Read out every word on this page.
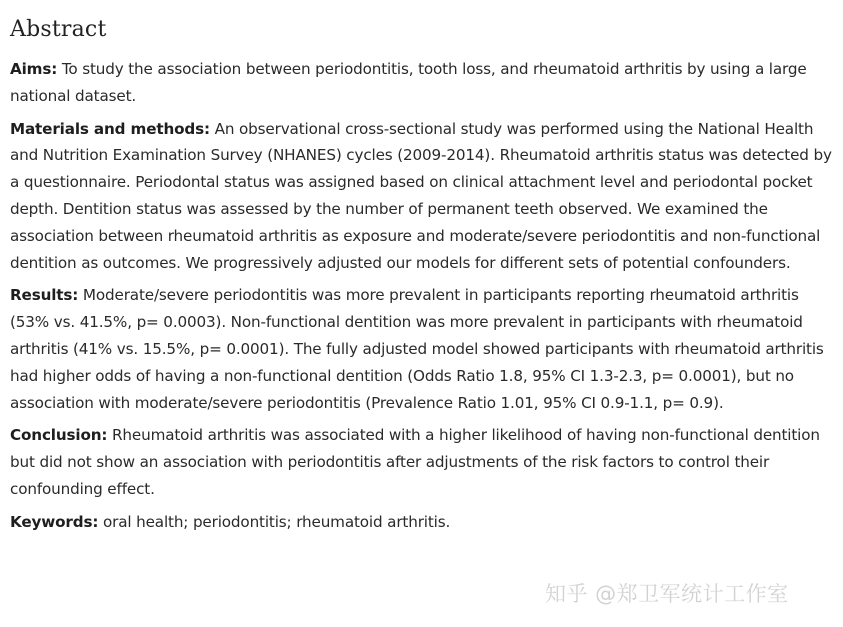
Abstract

Aims: To study the association between periodontitis, tooth loss, and rheumatoid arthritis by using a large national dataset.

Materials and methods: An observational cross-sectional study was performed using the National Health and Nutrition Examination Survey (NHANES) cycles (2009-2014). Rheumatoid arthritis status was detected by a questionnaire. Periodontal status was assigned based on clinical attachment level and periodontal pocket depth. Dentition status was assessed by the number of permanent teeth observed. We examined the association between rheumatoid arthritis as exposure and moderate/severe periodontitis and non-functional dentition as outcomes. We progressively adjusted our models for different sets of potential confounders.

Results: Moderate/severe periodontitis was more prevalent in participants reporting rheumatoid arthritis (53% vs. 41.5%, p= 0.0003). Non-functional dentition was more prevalent in participants with rheumatoid arthritis (41% vs. 15.5%, p= 0.0001). The fully adjusted model showed participants with rheumatoid arthritis had higher odds of having a non-functional dentition (Odds Ratio 1.8, 95% CI 1.3-2.3, p= 0.0001), but no association with moderate/severe periodontitis (Prevalence Ratio 1.01, 95% CI 0.9-1.1, p= 0.9).

Conclusion: Rheumatoid arthritis was associated with a higher likelihood of having non-functional dentition but did not show an association with periodontitis after adjustments of the risk factors to control their confounding effect.

Keywords: oral health; periodontitis; rheumatoid arthritis.

知乎 @郑卫军统计工作室
